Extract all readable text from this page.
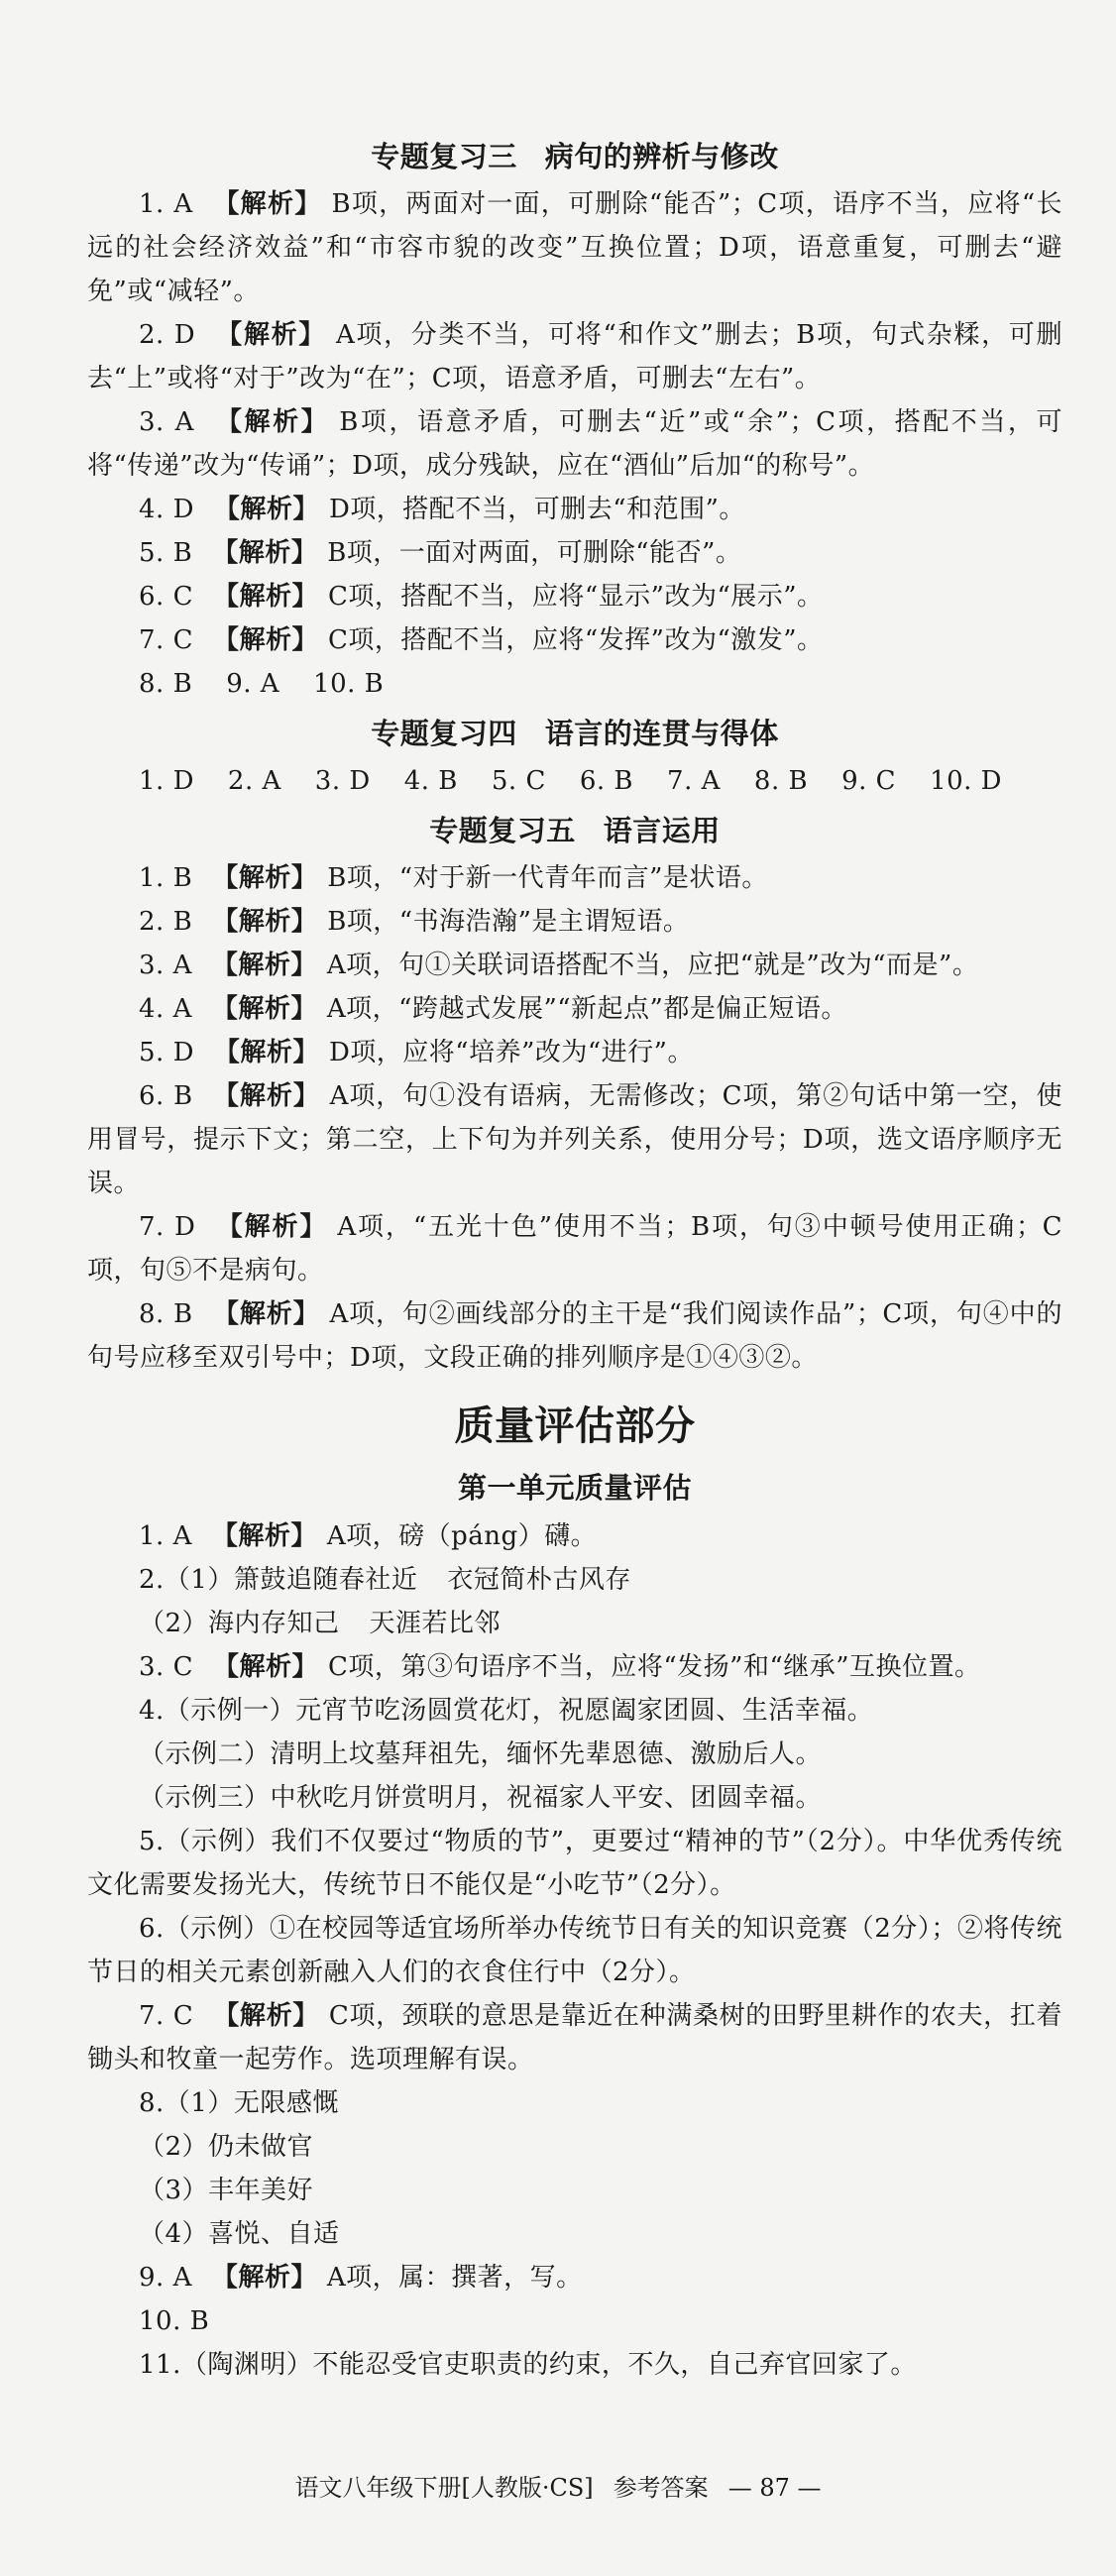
专题复习三 病句的辨析与修改

1. A 【解析】 B项，两面对一面，可删除“能否”；C项，语序不当，应将“长远的社会经济效益”和“市容市貌的改变”互换位置；D项，语意重复，可删去“避免”或“减轻”。

2. D 【解析】 A项，分类不当，可将“和作文”删去；B项，句式杂糅，可删去“上”或将“对于”改为“在”；C项，语意矛盾，可删去“左右”。

3. A 【解析】 B项，语意矛盾，可删去“近”或“余”；C项，搭配不当，可将“传递”改为“传诵”；D项，成分残缺，应在“酒仙”后加“的称号”。

4. D 【解析】 D项，搭配不当，可删去“和范围”。

5. B 【解析】 B项，一面对两面，可删除“能否”。

6. C 【解析】 C项，搭配不当，应将“显示”改为“展示”。

7. C 【解析】 C项，搭配不当，应将“发挥”改为“激发”。

8. B 9. A 10. B

专题复习四 语言的连贯与得体

1. D 2. A 3. D 4. B 5. C 6. B 7. A 8. B 9. C 10. D

专题复习五 语言运用

1. B 【解析】 B项，“对于新一代青年而言”是状语。

2. B 【解析】 B项，“书海浩瀚”是主谓短语。

3. A 【解析】 A项，句①关联词语搭配不当，应把“就是”改为“而是”。

4. A 【解析】 A项，“跨越式发展”“新起点”都是偏正短语。

5. D 【解析】 D项，应将“培养”改为“进行”。

6. B 【解析】 A项，句①没有语病，无需修改；C项，第②句话中第一空，使用冒号，提示下文；第二空，上下句为并列关系，使用分号；D项，选文语序顺序无误。

7. D 【解析】 A项，“五光十色”使用不当；B项，句③中顿号使用正确；C项，句⑤不是病句。

8. B 【解析】 A项，句②画线部分的主干是“我们阅读作品”；C项，句④中的句号应移至双引号中；D项，文段正确的排列顺序是①④③②。

质量评估部分
第一单元质量评估

1. A 【解析】 A项，磅（páng）礴。

2.（1）箫鼓追随春社近 衣冠简朴古风存

（2）海内存知己 天涯若比邻

3. C 【解析】 C项，第③句语序不当，应将“发扬”和“继承”互换位置。

4.（示例一）元宵节吃汤圆赏花灯，祝愿阖家团圆、生活幸福。

（示例二）清明上坟墓拜祖先，缅怀先辈恩德、激励后人。

（示例三）中秋吃月饼赏明月，祝福家人平安、团圆幸福。

5.（示例）我们不仅要过“物质的节”，更要过“精神的节”（2分）。中华优秀传统文化需要发扬光大，传统节日不能仅是“小吃节”（2分）。

6.（示例）①在校园等适宜场所举办传统节日有关的知识竞赛（2分）；②将传统节日的相关元素创新融入人们的衣食住行中（2分）。

7. C 【解析】 C项，颈联的意思是靠近在种满桑树的田野里耕作的农夫，扛着锄头和牧童一起劳作。选项理解有误。

8.（1）无限感慨

（2）仍未做官

（3）丰年美好

（4）喜悦、自适

9. A 【解析】 A项，属：撰著，写。

10. B

11.（陶渊明）不能忍受官吏职责的约束，不久，自己弃官回家了。

语文八年级下册[人教版·CS] 参考答案 — 87 —
